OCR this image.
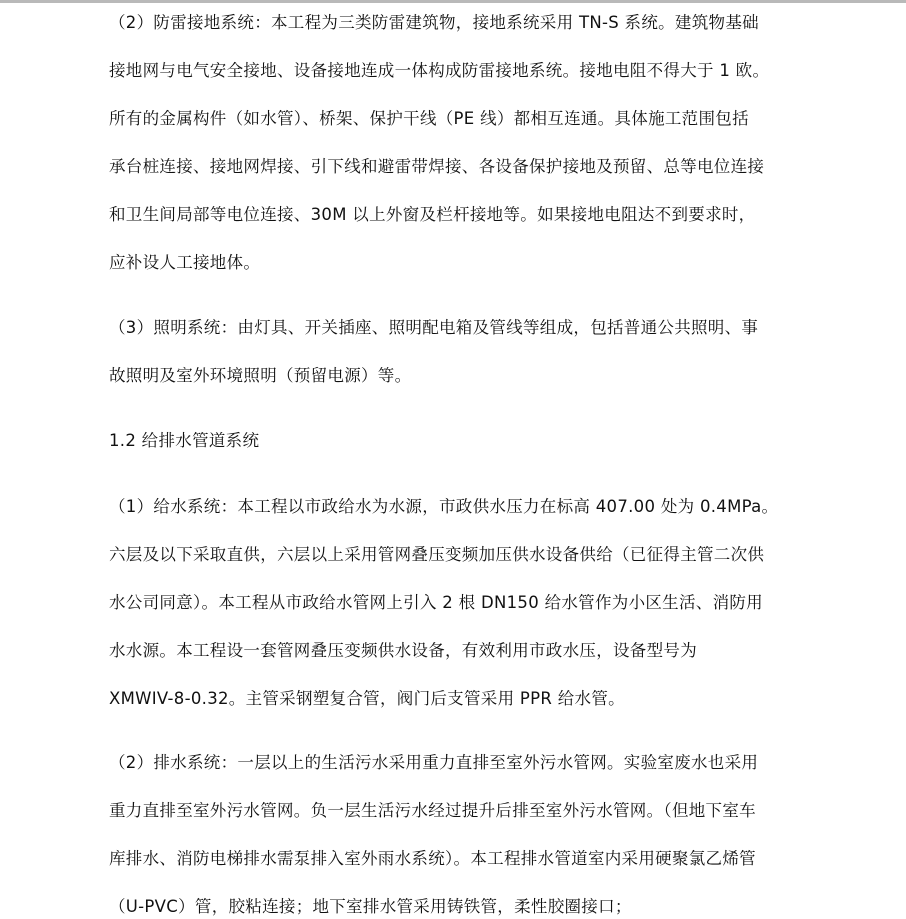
（2）防雷接地系统：本工程为三类防雷建筑物，接地系统采用 TN-S 系统。建筑物基础
接地网与电气安全接地、设备接地连成一体构成防雷接地系统。接地电阻不得大于 1 欧。
所有的金属构件（如水管）、桥架、保护干线（PE 线）都相互连通。具体施工范围包括
承台桩连接、接地网焊接、引下线和避雷带焊接、各设备保护接地及预留、总等电位连接
和卫生间局部等电位连接、30M 以上外窗及栏杆接地等。如果接地电阻达不到要求时，
应补设人工接地体。
（3）照明系统：由灯具、开关插座、照明配电箱及管线等组成，包括普通公共照明、事
故照明及室外环境照明（预留电源）等。
1.2 给排水管道系统
（1）给水系统：本工程以市政给水为水源，市政供水压力在标高 407.00 处为 0.4MPa。
六层及以下采取直供，六层以上采用管网叠压变频加压供水设备供给（已征得主管二次供
水公司同意）。本工程从市政给水管网上引入 2 根 DN150 给水管作为小区生活、消防用
水水源。本工程设一套管网叠压变频供水设备，有效利用市政水压，设备型号为
XMWIV-8-0.32。主管采钢塑复合管，阀门后支管采用 PPR 给水管。
（2）排水系统：一层以上的生活污水采用重力直排至室外污水管网。实验室废水也采用
重力直排至室外污水管网。负一层生活污水经过提升后排至室外污水管网。（但地下室车
库排水、消防电梯排水需泵排入室外雨水系统）。本工程排水管道室内采用硬聚氯乙烯管
（U-PVC）管，胶粘连接；地下室排水管采用铸铁管，柔性胶圈接口；
